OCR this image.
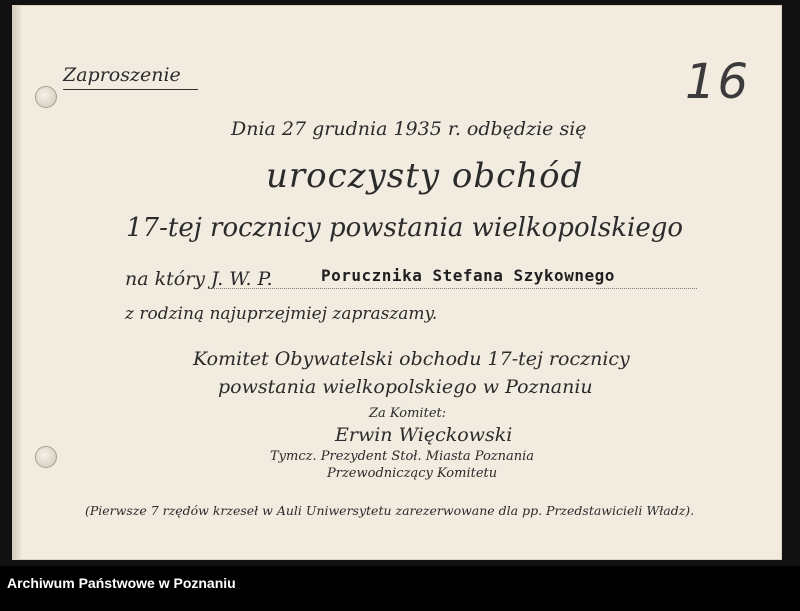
16
Zaproszenie
Dnia 27 grudnia 1935 r. odbędzie się
uroczysty obchód
17-tej rocznicy powstania wielkopolskiego
na który J. W. P.	Porucznika Stefana Szykownego
z rodziną najuprzejmiej zapraszamy.
Komitet Obywatelski obchodu 17-tej rocznicy
powstania wielkopolskiego w Poznaniu
Za Komitet:
Erwin Więckowski
Tymcz. Prezydent Stoł. Miasta Poznania
Przewodniczący Komitetu
(Pierwsze 7 rzędów krzeseł w Auli Uniwersytetu zarezerwowane dla pp. Przedstawicieli Władz).
Archiwum Państwowe w Poznaniu
